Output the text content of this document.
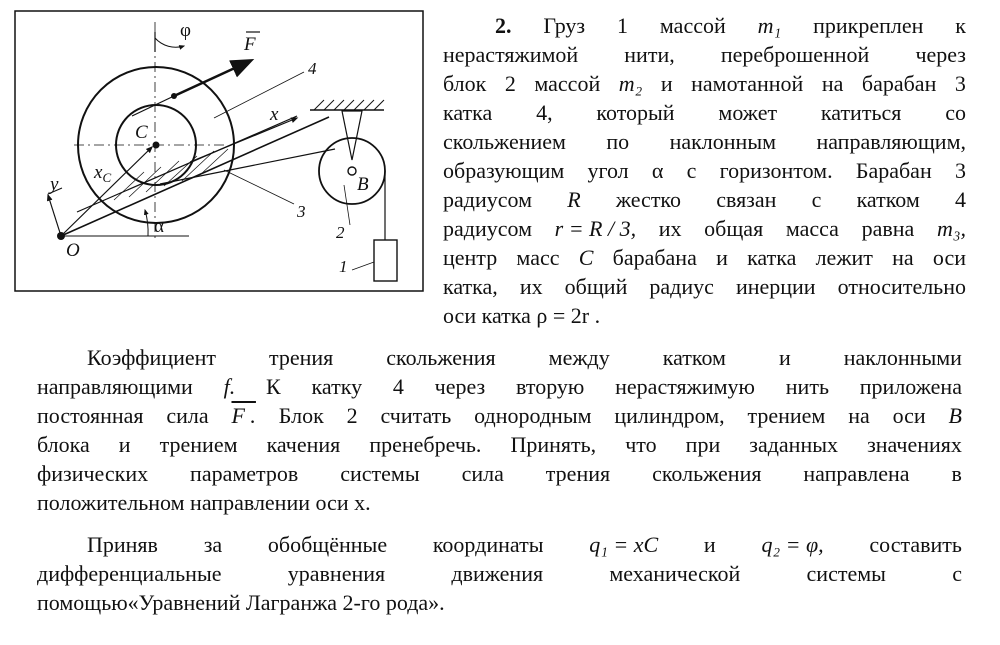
φ
F
4
C
x
$x_C$
y	B
3
2
1
O
α
2. Груз 1 массой m₁ прикреплен к
нерастяжимой нити, переброшенной через
блок 2 массой m₂ и намотанной на барабан 3
катка 4, который может катиться со
скольжением по наклонным направляющим,
образующим угол α с горизонтом. Барабан 3
радиусом R жестко связан с катком 4
радиусом r = R / 3, их общая масса равна m₃,
центр масс C барабана и катка лежит на оси
катка, их общий радиус инерции относительно
оси катка ρ = 2r .
Коэффициент трения скольжения между катком и наклонными
направляющими f. К катку 4 через вторую нерастяжимую нить приложена
постоянная сила F . Блок 2 считать однородным цилиндром, трением на оси B
блока и трением качения пренебречь. Принять, что при заданных значениях
физических параметров системы сила трения скольжения направлена в
положительном направлении оси x.
Приняв за обобщённые координаты q₁ = xC и q₂ = φ, составить
дифференциальные	уравнения	движения	механической	системы	с
помощью«Уравнений Лагранжа 2-го рода».
